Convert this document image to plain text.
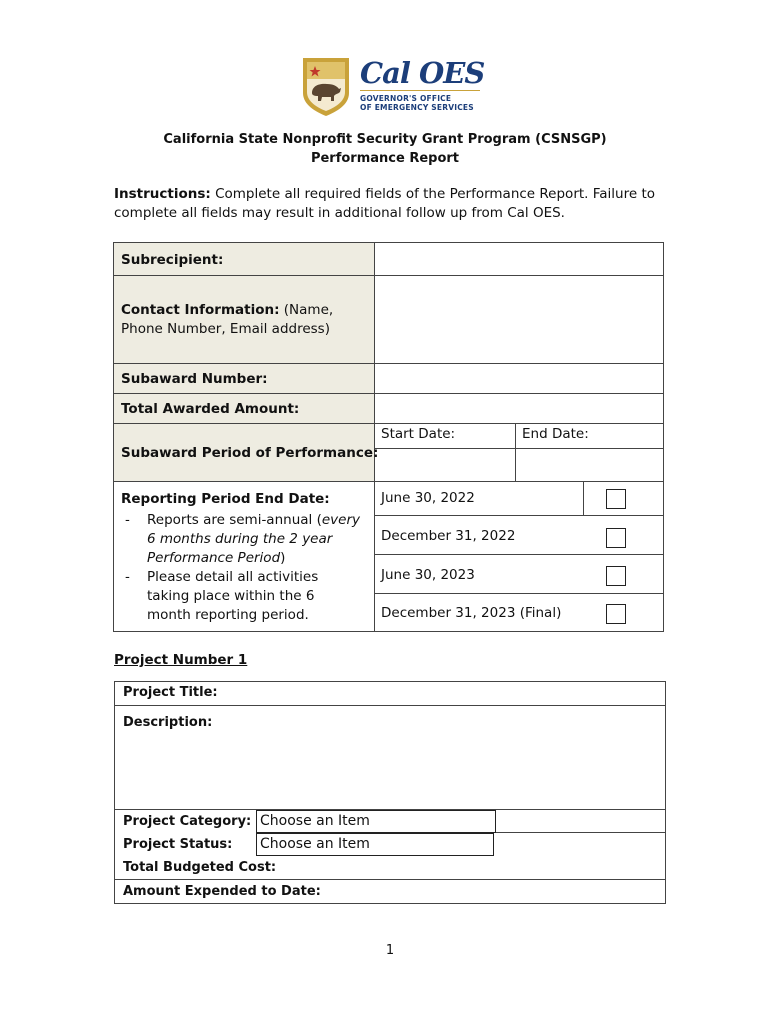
Cal OES
GOVERNOR'S OFFICE
OF EMERGENCY SERVICES
California State Nonprofit Security Grant Program (CSNSGP)
Performance Report
Instructions: Complete all required fields of the Performance Report. Failure to complete all fields may result in additional follow up from Cal OES.
Subrecipient:
Contact Information: (Name, Phone Number, Email address)
Subaward Number:
Total Awarded Amount:
Subaward Period of Performance:
Start Date:	End Date:
Reporting Period End Date:	June 30, 2022
December 31, 2022
June 30, 2023
December 31, 2023 (Final)
- Reports are semi-annual (every 6 months during the 2 year Performance Period)
- Please detail all activities taking place within the 6 month reporting period.
Project Number 1
Project Title:
Description:
Project Category:
Project Status:
Total Budgeted Cost:
Amount Expended to Date:
Choose an Item
Choose an Item
1
